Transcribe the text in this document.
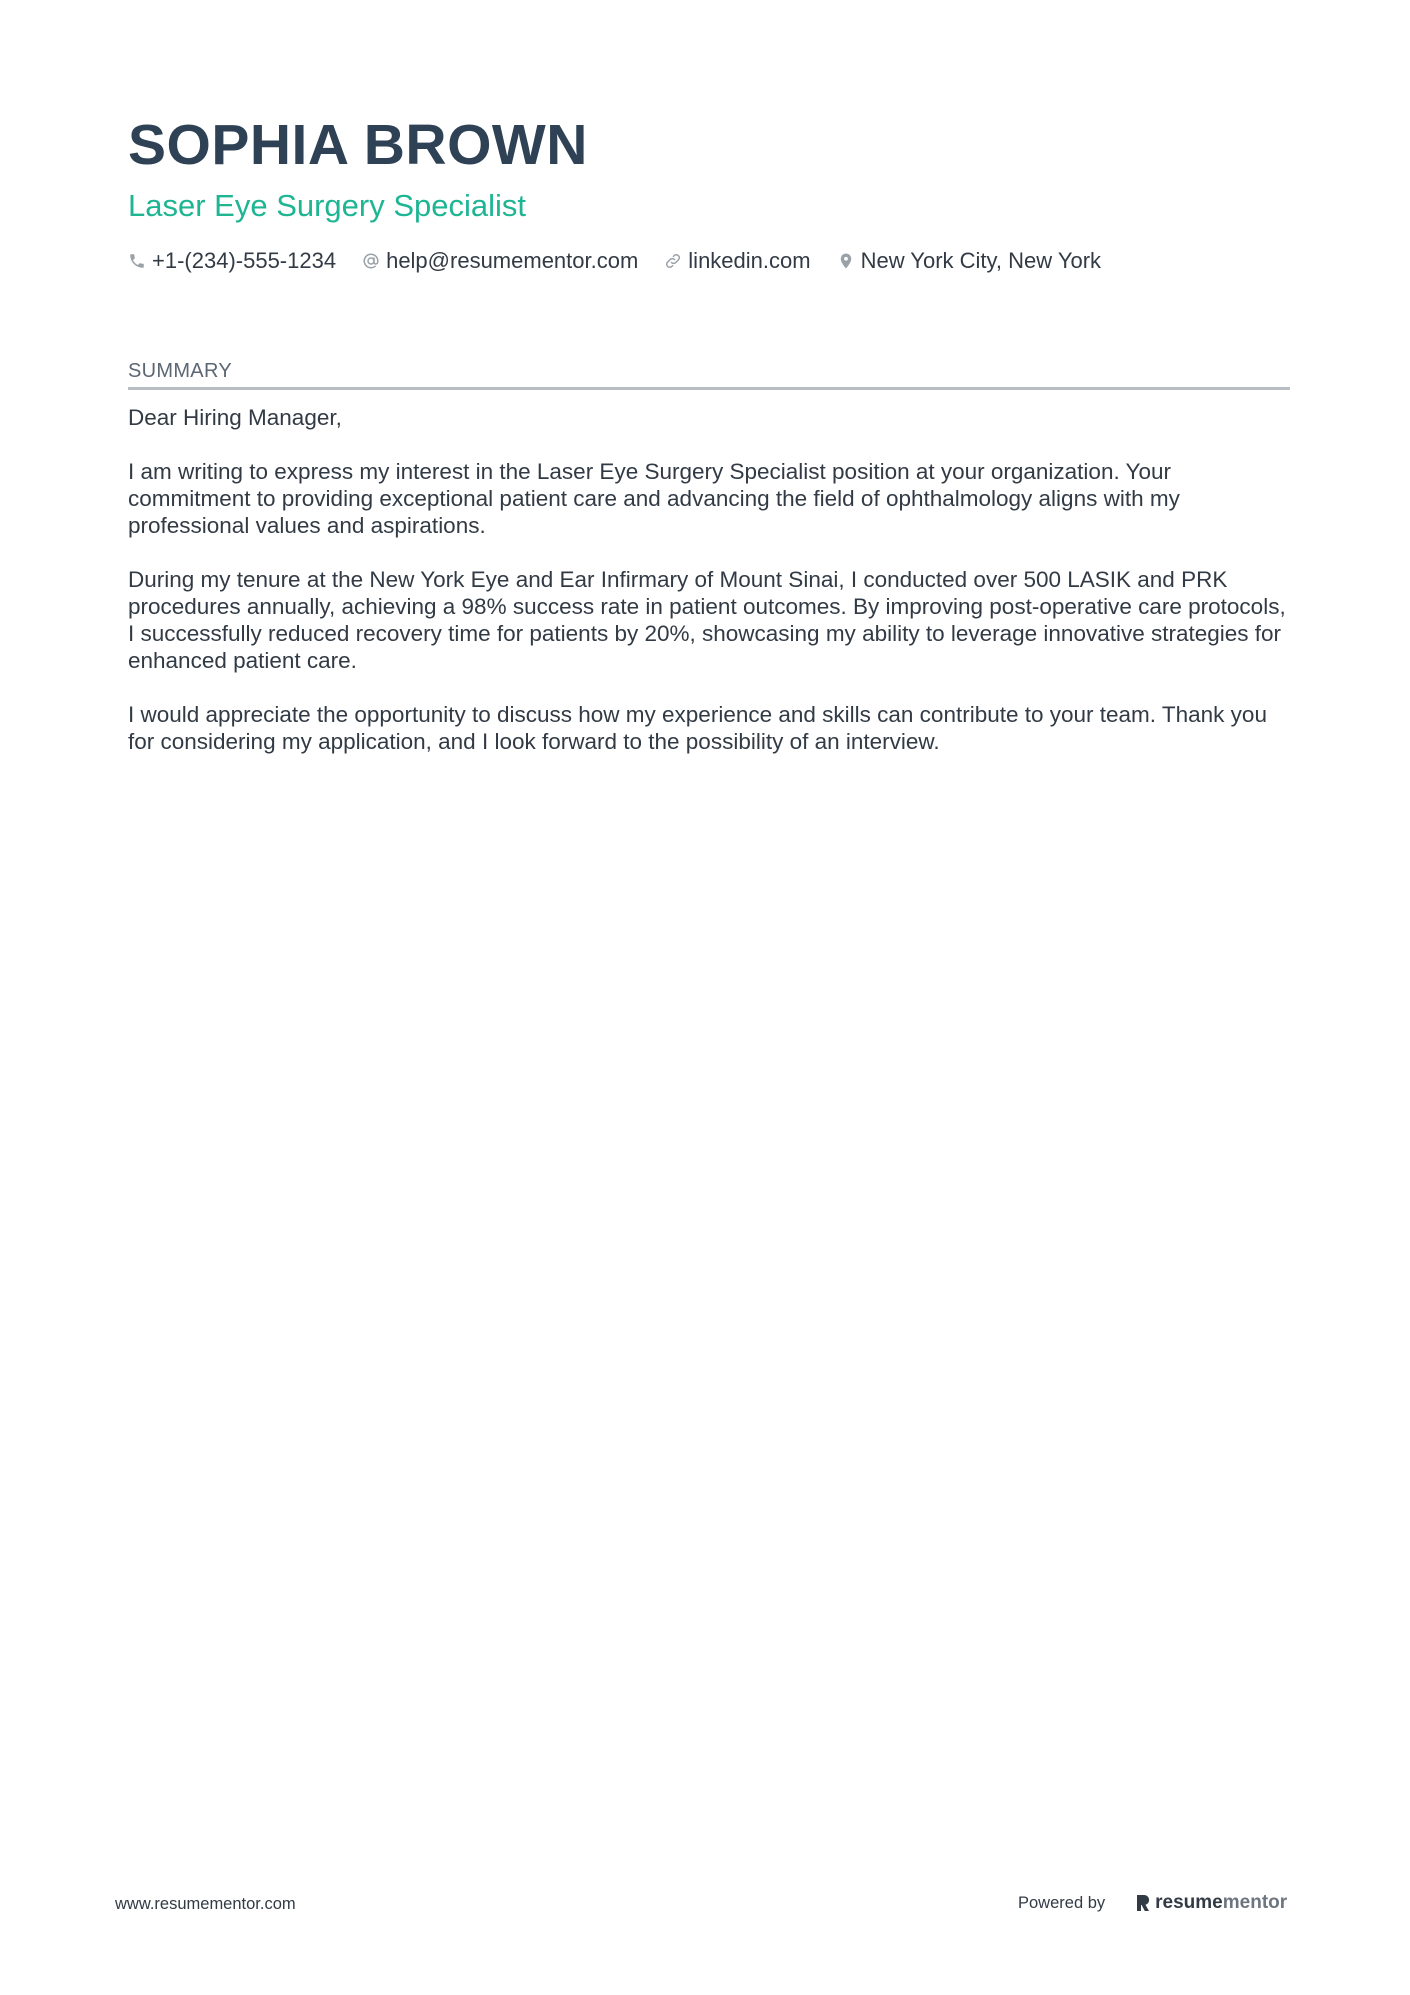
SOPHIA BROWN
Laser Eye Surgery Specialist
+1-(234)-555-1234 help@resumementor.com linkedin.com New York City, New York
SUMMARY

Dear Hiring Manager,

I am writing to express my interest in the Laser Eye Surgery Specialist position at your organization. Your commitment to providing exceptional patient care and advancing the field of ophthalmology aligns with my professional values and aspirations.

During my tenure at the New York Eye and Ear Infirmary of Mount Sinai, I conducted over 500 LASIK and PRK procedures annually, achieving a 98% success rate in patient outcomes. By improving post-operative care protocols, I successfully reduced recovery time for patients by 20%, showcasing my ability to leverage innovative strategies for enhanced patient care.

I would appreciate the opportunity to discuss how my experience and skills can contribute to your team. Thank you for considering my application, and I look forward to the possibility of an interview.

www.resumementor.com	Powered by	resume mentor
